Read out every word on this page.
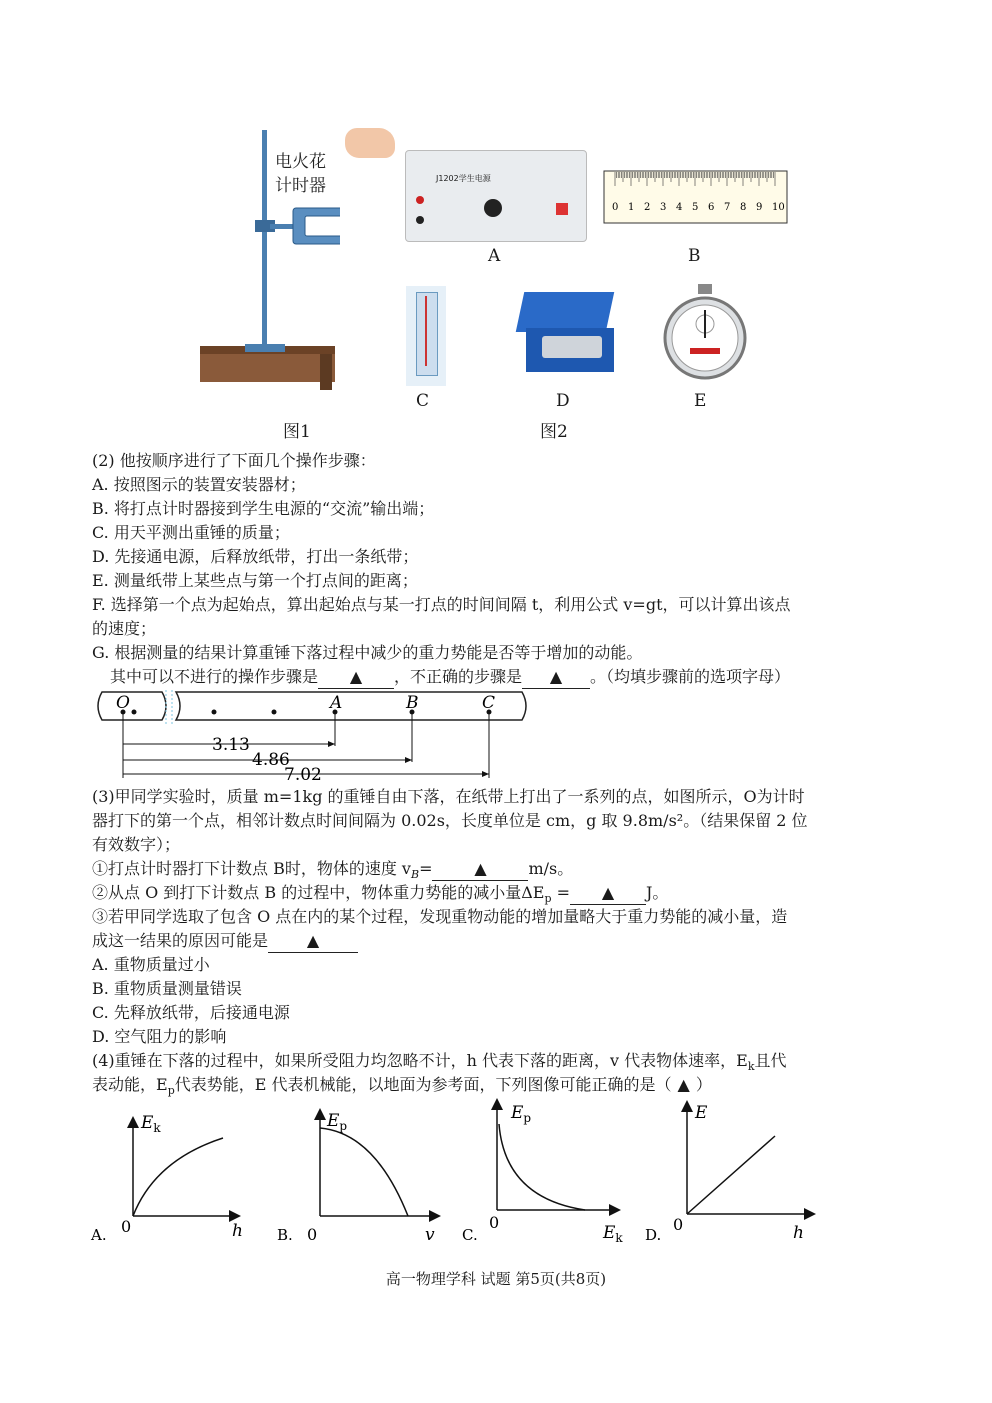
电火花
计时器
图1
J1202学生电源
0 1 2 3 4 5 6 7 8 9 10
A	B
C	D	E
图2
(2) 他按顺序进行了下面几个操作步骤：
A. 按照图示的装置安装器材；
B. 将打点计时器接到学生电源的“交流”输出端；
C. 用天平测出重锤的质量；
D. 先接通电源，后释放纸带，打出一条纸带；
E. 测量纸带上某些点与第一个打点间的距离；
F. 选择第一个点为起始点，算出起始点与某一打点的时间间隔 t，利用公式 v=gt，可以计算出该点
的速度；
G. 根据测量的结果计算重锤下落过程中减少的重力势能是否等于增加的动能。
其中可以不进行的操作步骤是 ▲ ，不正确的步骤是 ▲ 。（均填步骤前的选项字母）
O	A	B	C
3.13
4.86
7.02
(3)甲同学实验时，质量 m=1kg 的重锤自由下落，在纸带上打出了一系列的点，如图所示，O为计时
器打下的第一个点，相邻计数点时间间隔为 0.02s，长度单位是 cm，g 取 9.8m/s²。（结果保留 2 位
有效数字）；
①打点计时器打下计数点 B时，物体的速度 $v_B=$	▲	m/s。
②从点 O 到打下计数点 B 的过程中，物体重力势能的减小量$\Delta E_p$ = ▲ J。
③若甲同学选取了包含 O 点在内的某个过程，发现重物动能的增加量略大于重力势能的减小量，造
成这一结果的原因可能是 ▲
A. 重物质量过小
B. 重物质量测量错误
C. 先释放纸带，后接通电源
D. 空气阻力的影响
(4)重锤在下落的过程中，如果所受阻力均忽略不计，h 代表下落的距离，v 代表物体速率，$E_k$且代
表动能，$E_p$代表势能，E 代表机械能，以地面为参考面，下列图像可能正确的是（ ▲ ）
$E_k$
0	h
A.
$E_p$
0	v
B.
$E_p$
0
$E_k$
C.
E
0	h
D.
高一物理学科 试题 第5页(共8页)
